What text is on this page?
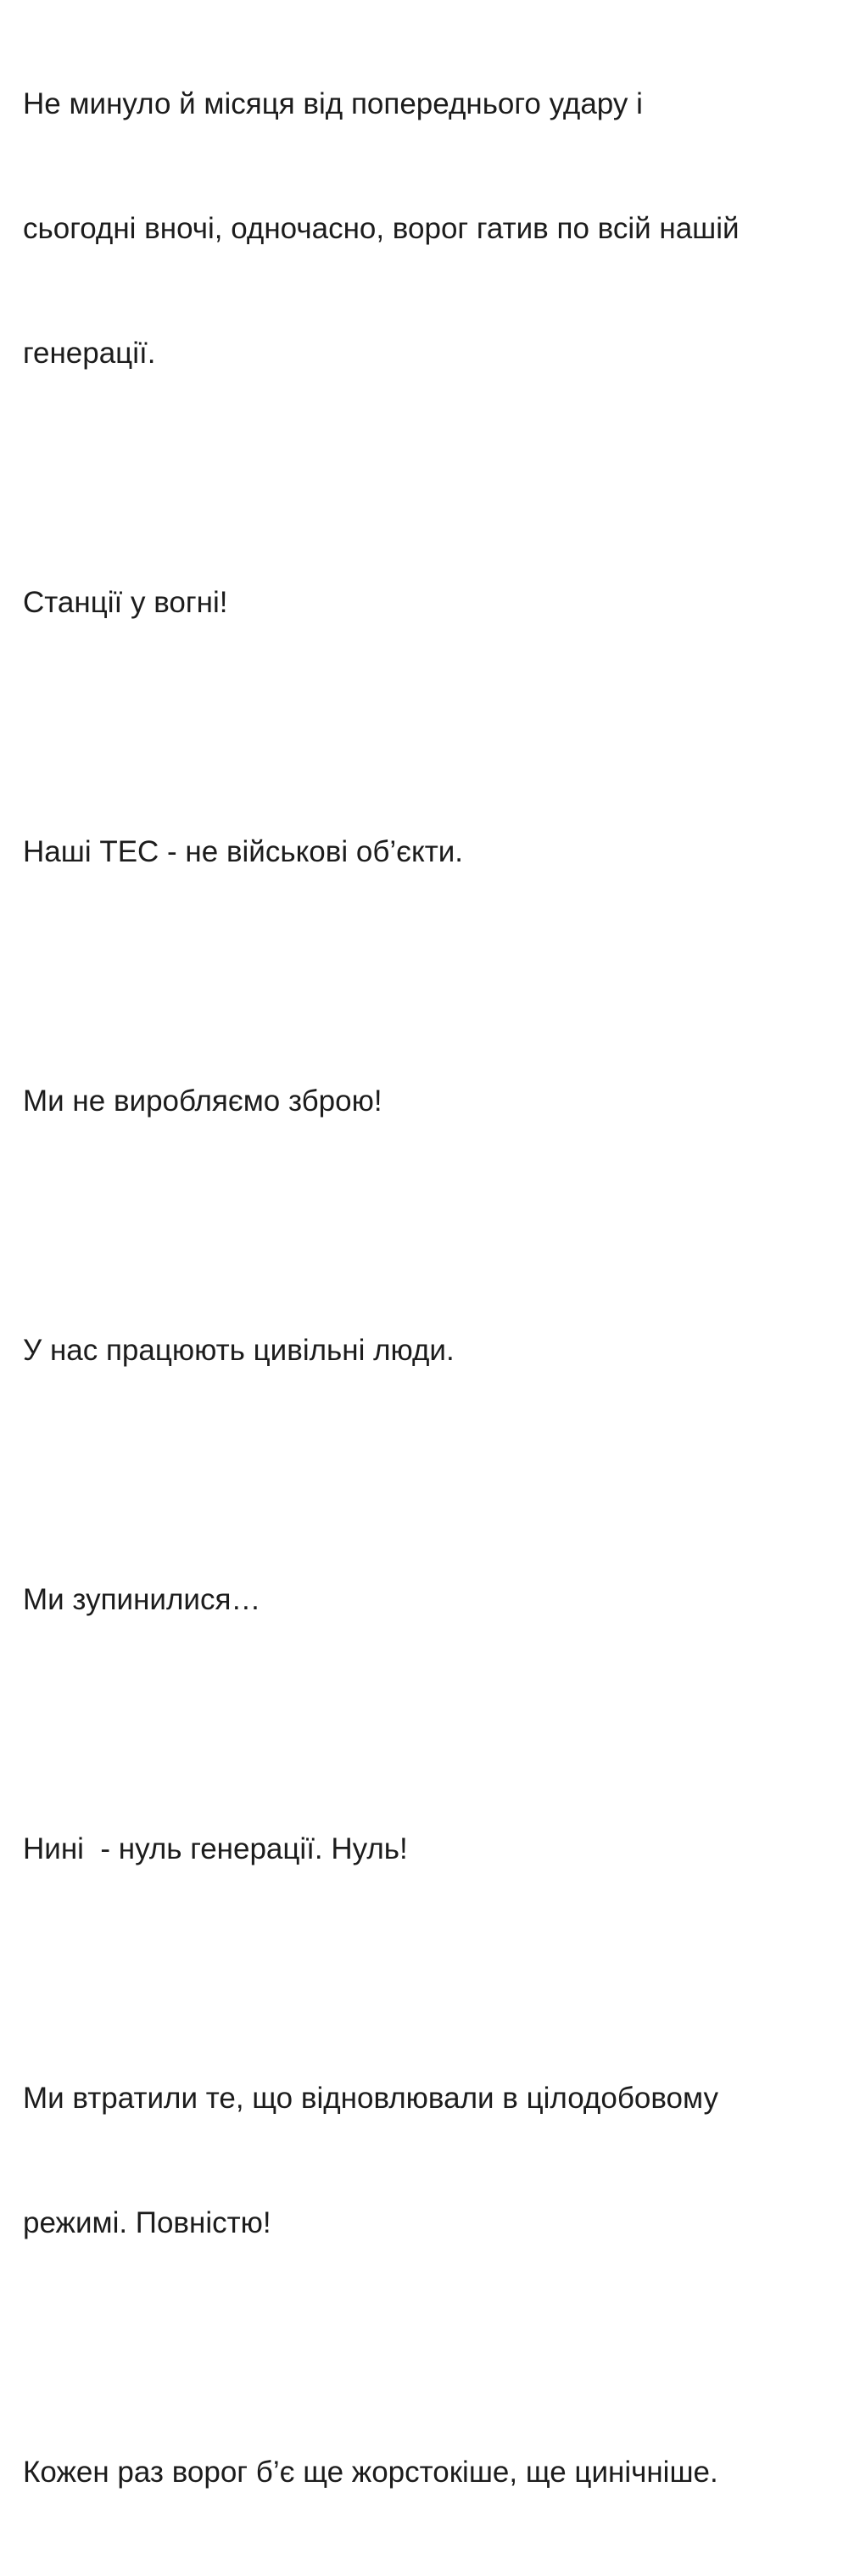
Не минуло й місяця від попереднього удару і

сьогодні вночі, одночасно, ворог гатив по всій нашій

генерації.

Станції у вогні!

Наші ТЕС - не військові об’єкти.

Ми не виробляємо зброю!

У нас працюють цивільні люди.

Ми зупинилися…

Нині  - нуль генерації. Нуль!

Ми втратили те, що відновлювали в цілодобовому

режимі. Повністю!

Кожен раз ворог б’є ще жорстокіше, ще цинічніше.
